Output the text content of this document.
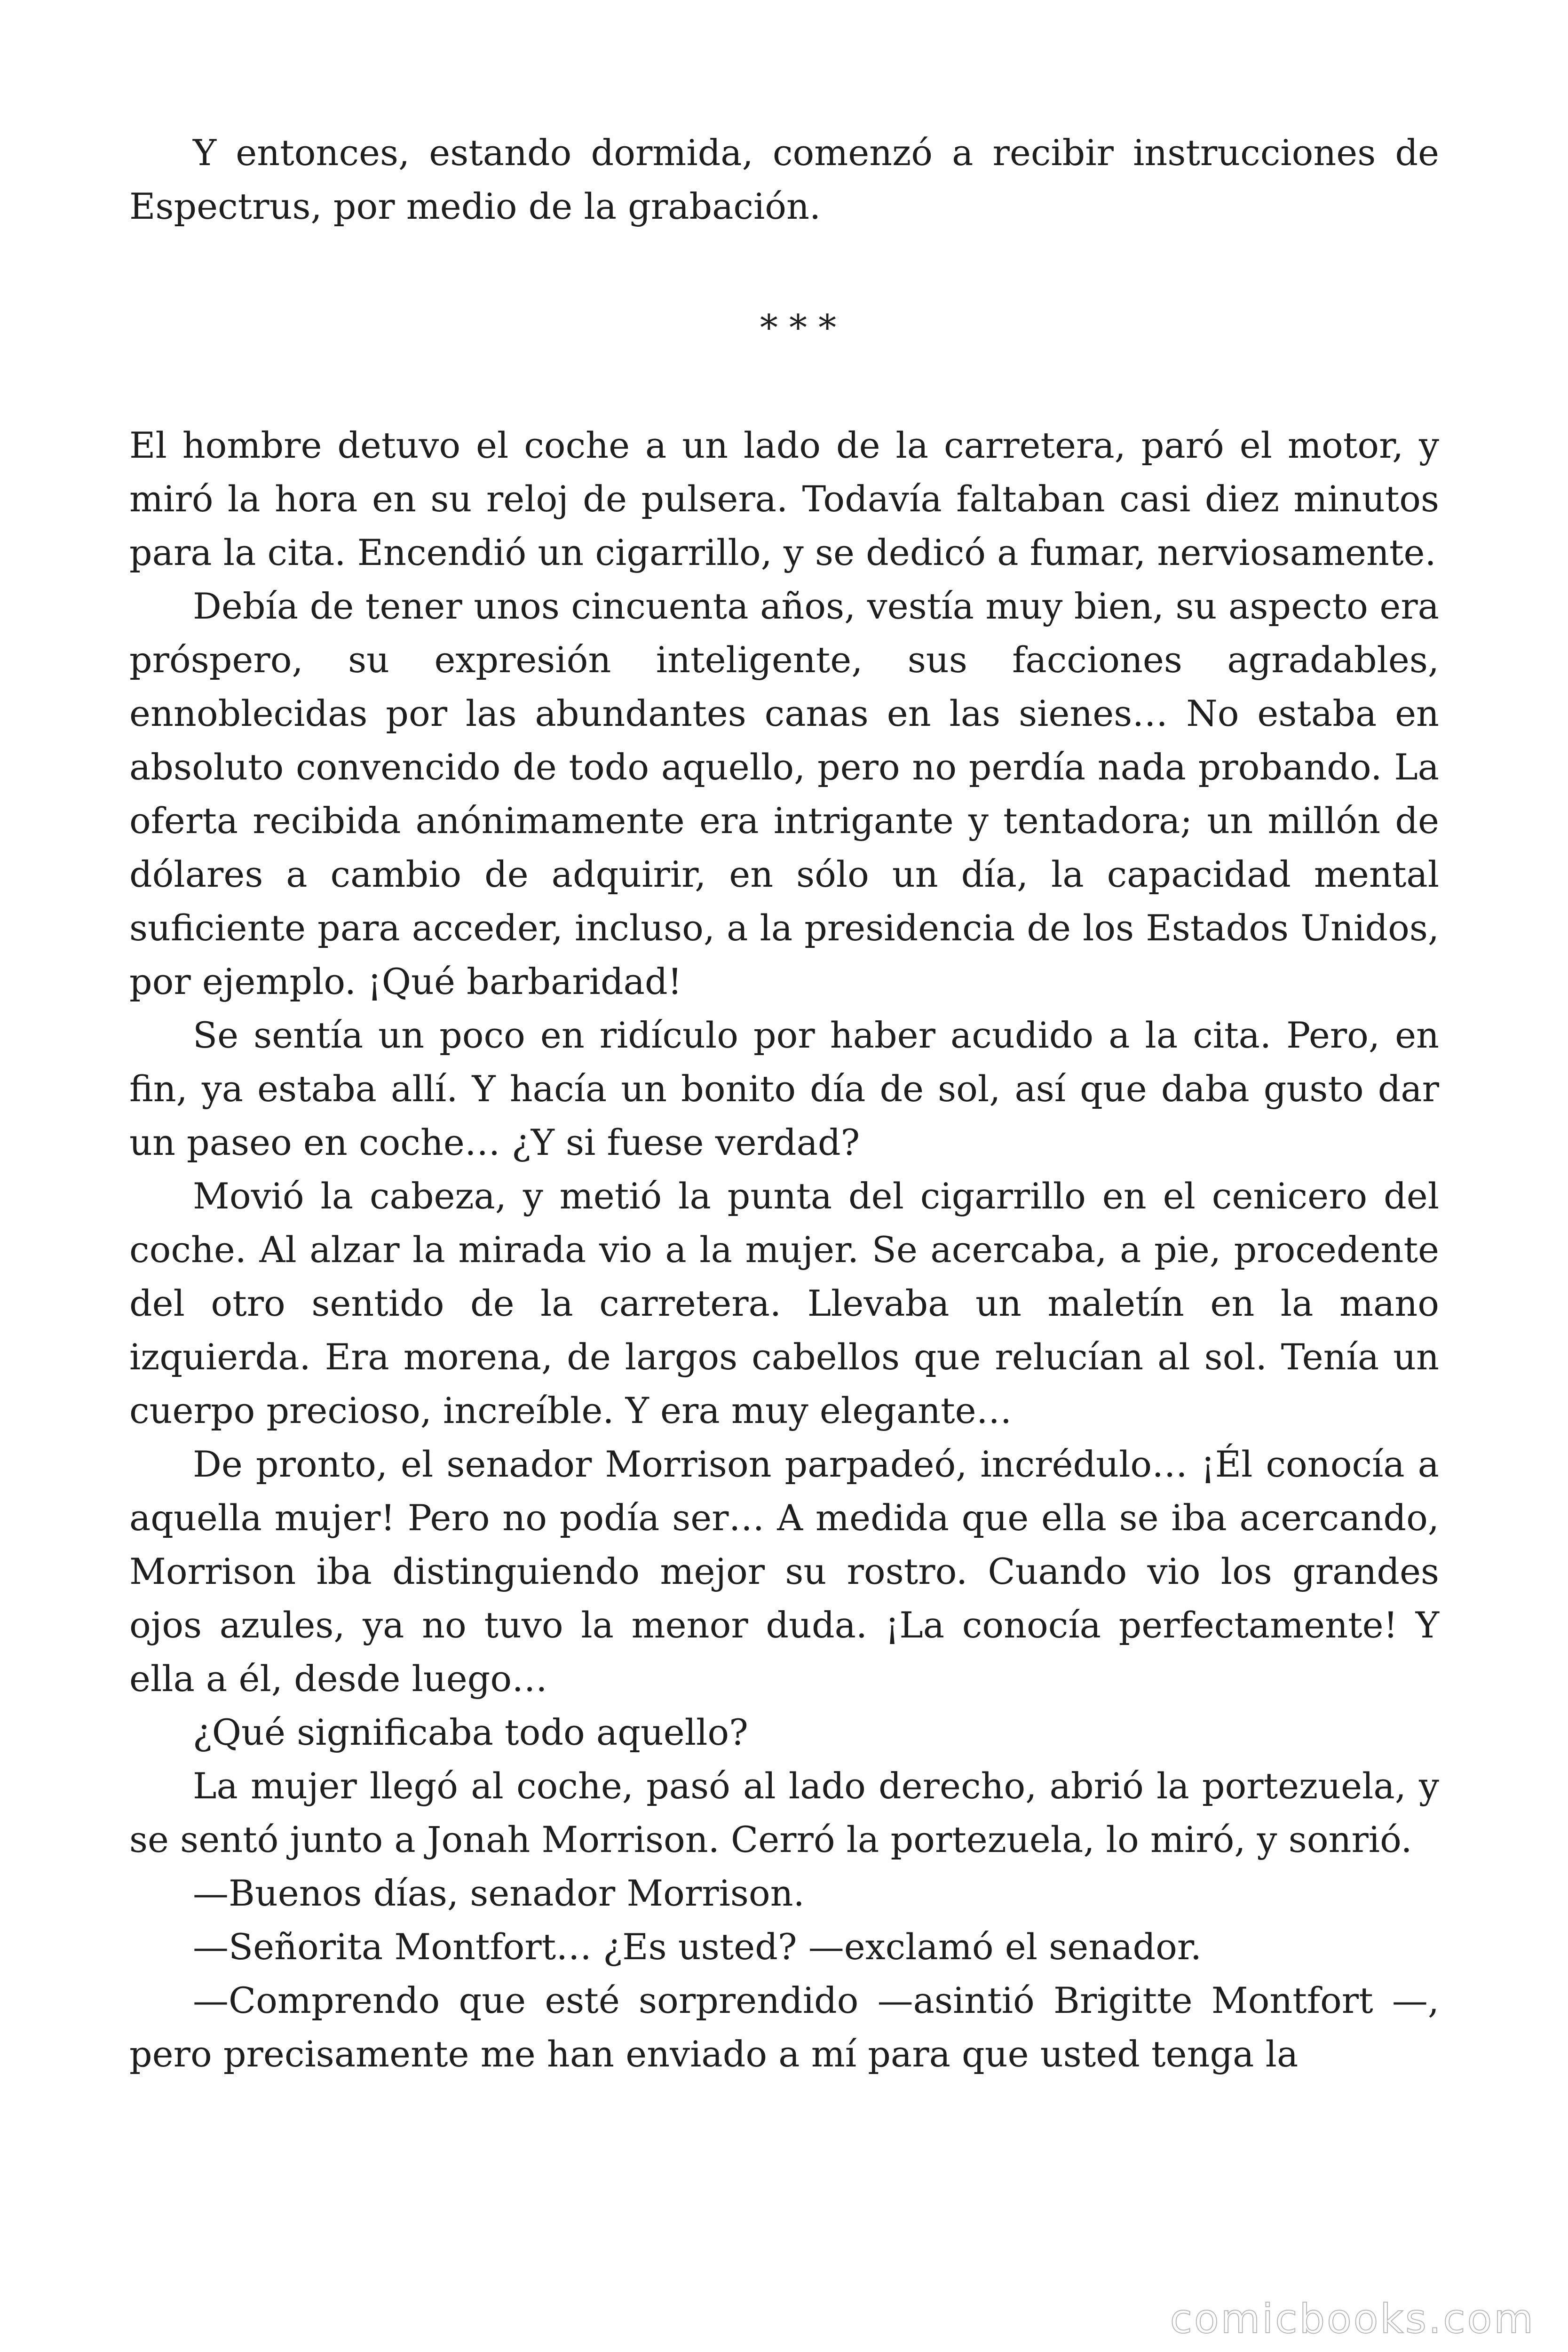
Y entonces, estando dormida, comenzó a recibir instrucciones de Espectrus, por medio de la grabación.

* * *

El hombre detuvo el coche a un lado de la carretera, paró el motor, y miró la hora en su reloj de pulsera. Todavía faltaban casi diez minutos para la cita. Encendió un cigarrillo, y se dedicó a fumar, nerviosamente.

Debía de tener unos cincuenta años, vestía muy bien, su aspecto era próspero, su expresión inteligente, sus facciones agradables, ennoblecidas por las abundantes canas en las sienes… No estaba en absoluto convencido de todo aquello, pero no perdía nada probando. La oferta recibida anónimamente era intrigante y tentadora; un millón de dólares a cambio de adquirir, en sólo un día, la capacidad mental suficiente para acceder, incluso, a la presidencia de los Estados Unidos, por ejemplo. ¡Qué barbaridad!

Se sentía un poco en ridículo por haber acudido a la cita. Pero, en fin, ya estaba allí. Y hacía un bonito día de sol, así que daba gusto dar un paseo en coche… ¿Y si fuese verdad?

Movió la cabeza, y metió la punta del cigarrillo en el cenicero del coche. Al alzar la mirada vio a la mujer. Se acercaba, a pie, procedente del otro sentido de la carretera. Llevaba un maletín en la mano izquierda. Era morena, de largos cabellos que relucían al sol. Tenía un cuerpo precioso, increíble. Y era muy elegante…

De pronto, el senador Morrison parpadeó, incrédulo… ¡Él conocía a aquella mujer! Pero no podía ser… A medida que ella se iba acercando, Morrison iba distinguiendo mejor su rostro. Cuando vio los grandes ojos azules, ya no tuvo la menor duda. ¡La conocía perfectamente! Y ella a él, desde luego…

¿Qué significaba todo aquello?

La mujer llegó al coche, pasó al lado derecho, abrió la portezuela, y se sentó junto a Jonah Morrison. Cerró la portezuela, lo miró, y sonrió.

—Buenos días, senador Morrison.

—Señorita Montfort… ¿Es usted? —exclamó el senador.

—Comprendo que esté sorprendido —asintió Brigitte Montfort —, pero precisamente me han enviado a mí para que usted tenga la

comicbooks.com
